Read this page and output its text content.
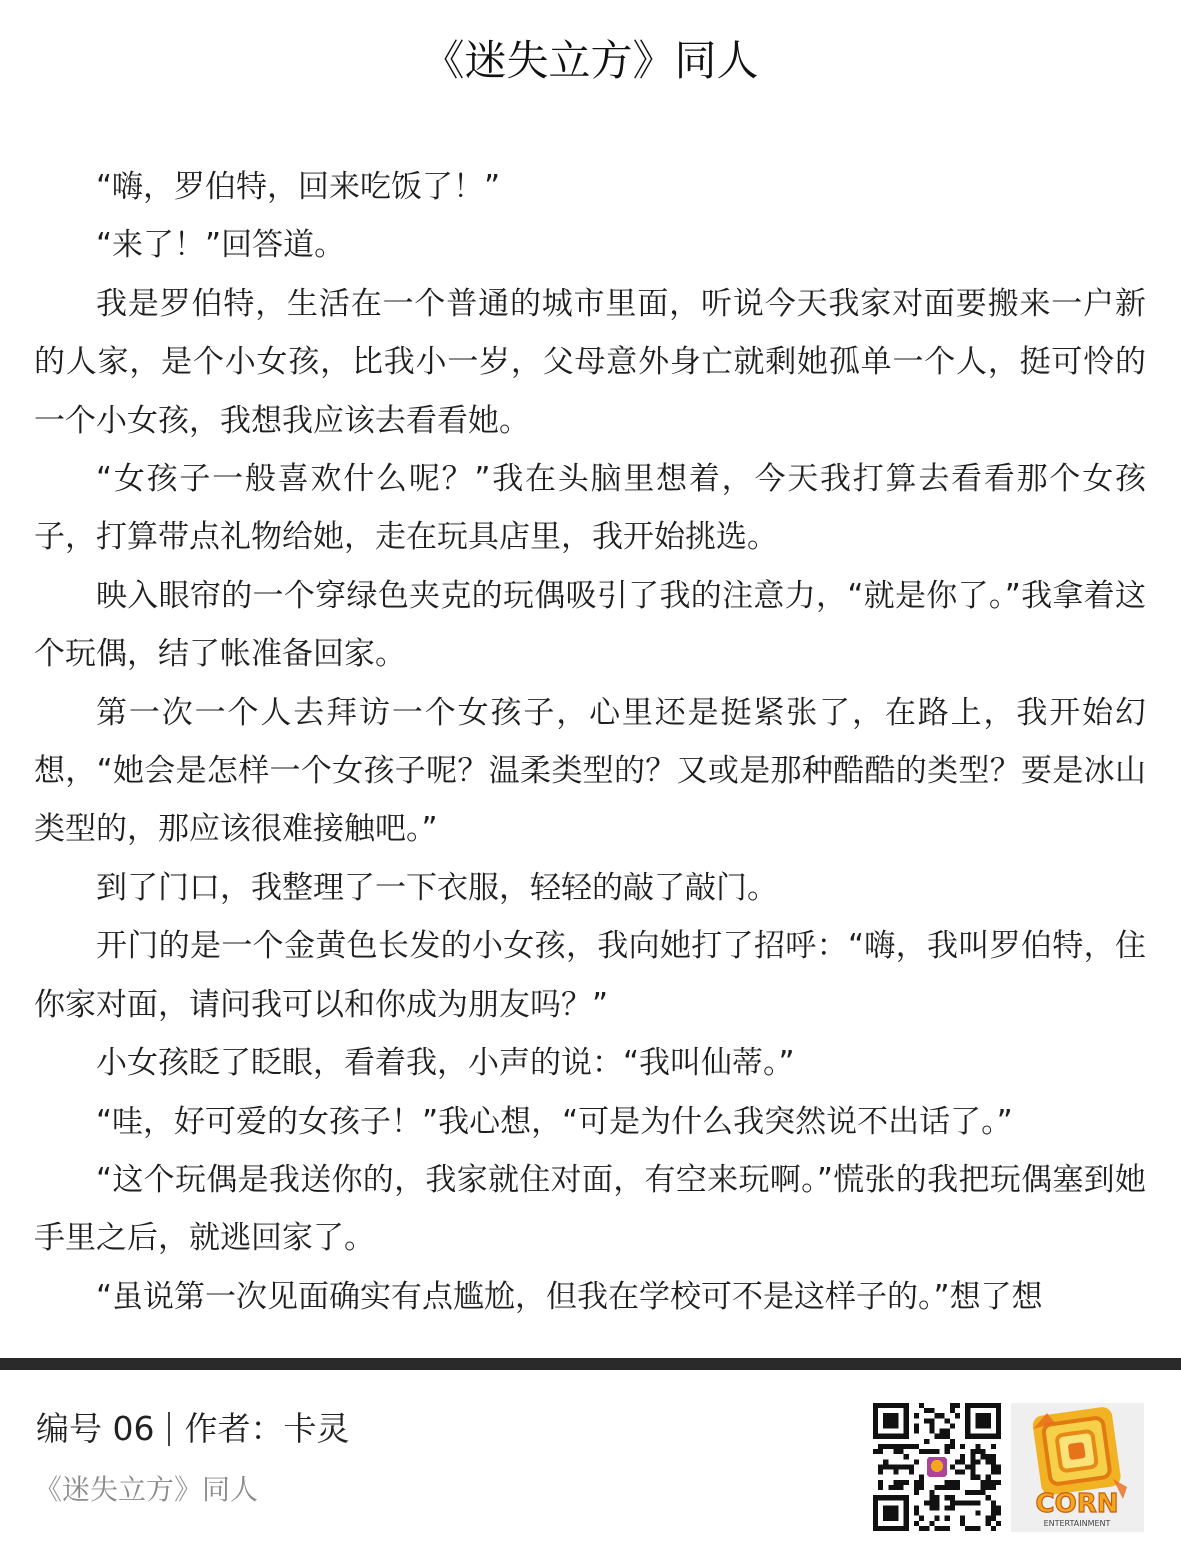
《迷失立方》同人

“嗨，罗伯特，回来吃饭了！”

“来了！”回答道。

我是罗伯特，生活在一个普通的城市里面，听说今天我家对面要搬来一户新的人家，是个小女孩，比我小一岁，父母意外身亡就剩她孤单一个人，挺可怜的一个小女孩，我想我应该去看看她。

“女孩子一般喜欢什么呢？”我在头脑里想着，今天我打算去看看那个女孩子，打算带点礼物给她，走在玩具店里，我开始挑选。

映入眼帘的一个穿绿色夹克的玩偶吸引了我的注意力，“就是你了。”我拿着这个玩偶，结了帐准备回家。

第一次一个人去拜访一个女孩子，心里还是挺紧张了，在路上，我开始幻想，“她会是怎样一个女孩子呢？温柔类型的？又或是那种酷酷的类型？要是冰山类型的，那应该很难接触吧。”

到了门口，我整理了一下衣服，轻轻的敲了敲门。

开门的是一个金黄色长发的小女孩，我向她打了招呼：“嗨，我叫罗伯特，住你家对面，请问我可以和你成为朋友吗？”

小女孩眨了眨眼，看着我，小声的说：“我叫仙蒂。”

“哇，好可爱的女孩子！”我心想，“可是为什么我突然说不出话了。”

“这个玩偶是我送你的，我家就住对面，有空来玩啊。”慌张的我把玩偶塞到她手里之后，就逃回家了。

“虽说第一次见面确实有点尴尬，但我在学校可不是这样子的。”想了想

编号 06 作者：卡灵
《迷失立方》同人	CORN
ENTERTAINMENT
